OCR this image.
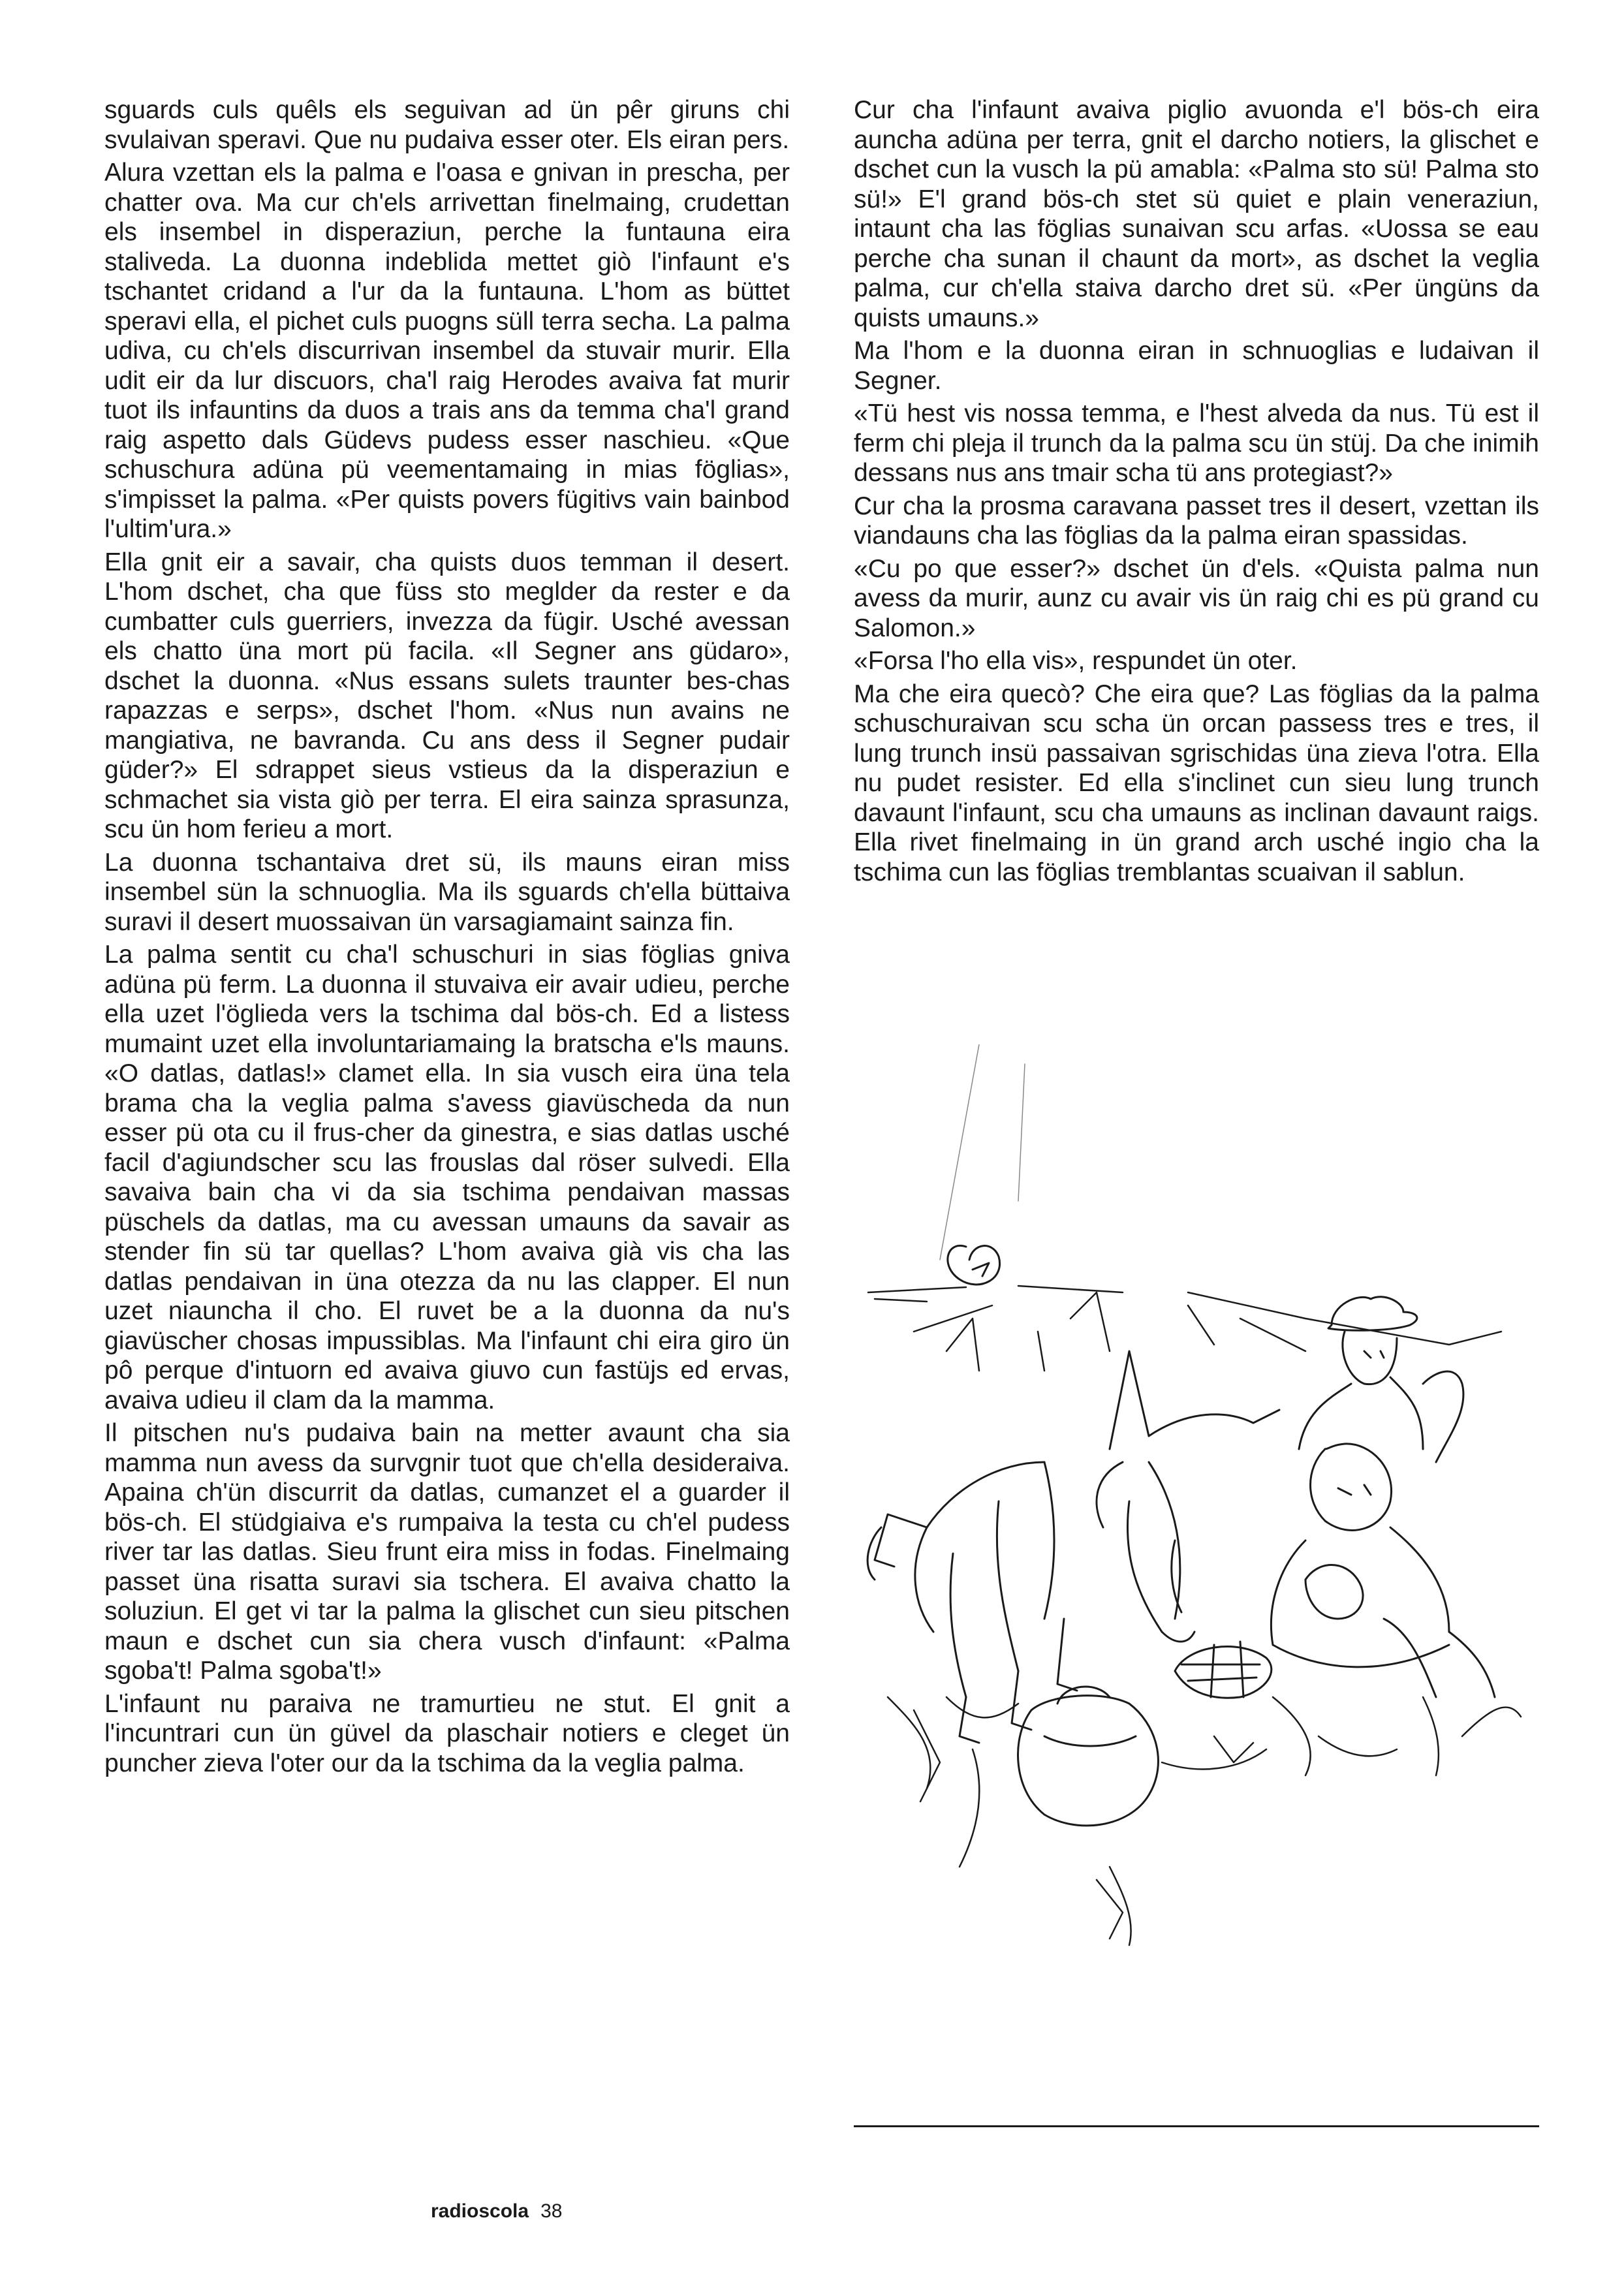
sguards culs quêls els seguivan ad ün pêr giruns chi svulaivan speravi. Que nu pudaiva esser oter. Els eiran pers.

Alura vzettan els la palma e l'oasa e gnivan in prescha, per chatter ova. Ma cur ch'els arrivettan finelmaing, crudettan els insembel in disperaziun, perche la funtauna eira staliveda. La duonna indeblida mettet giò l'infaunt e's tschantet cridand a l'ur da la funtauna. L'hom as büttet speravi ella, el pichet culs puogns süll terra secha. La palma udiva, cu ch'els discurrivan insembel da stuvair murir. Ella udit eir da lur discuors, cha'l raig Herodes avaiva fat murir tuot ils infauntins da duos a trais ans da temma cha'l grand raig aspetto dals Güdevs pudess esser naschieu. «Que schuschura adüna pü veementamaing in mias föglias», s'impisset la palma. «Per quists povers fügitivs vain bainbod l'ultim'ura.»

Ella gnit eir a savair, cha quists duos temman il desert. L'hom dschet, cha que füss sto meglder da rester e da cumbatter culs guerriers, invezza da fügir. Usché avessan els chatto üna mort pü facila. «Il Segner ans güdaro», dschet la duonna. «Nus essans sulets traunter bes-chas rapazzas e serps», dschet l'hom. «Nus nun avains ne mangiativa, ne bavranda. Cu ans dess il Segner pudair güder?» El sdrappet sieus vstieus da la disperaziun e schmachet sia vista giò per terra. El eira sainza sprasunza, scu ün hom ferieu a mort.

La duonna tschantaiva dret sü, ils mauns eiran miss insembel sün la schnuoglia. Ma ils sguards ch'ella büttaiva suravi il desert muossaivan ün varsagiamaint sainza fin.

La palma sentit cu cha'l schuschuri in sias föglias gniva adüna pü ferm. La duonna il stuvaiva eir avair udieu, perche ella uzet l'öglieda vers la tschima dal bös-ch. Ed a listess mumaint uzet ella involuntariamaing la bratscha e'ls mauns. «O datlas, datlas!» clamet ella. In sia vusch eira üna tela brama cha la veglia palma s'avess giavüscheda da nun esser pü ota cu il frus-cher da ginestra, e sias datlas usché facil d'agiundscher scu las frouslas dal röser sulvedi. Ella savaiva bain cha vi da sia tschima pendaivan massas püschels da datlas, ma cu avessan umauns da savair as stender fin sü tar quellas? L'hom avaiva già vis cha las datlas pendaivan in üna otezza da nu las clapper. El nun uzet niauncha il cho. El ruvet be a la duonna da nu's giavüscher chosas impussiblas. Ma l'infaunt chi eira giro ün pô perque d'intuorn ed avaiva giuvo cun fastüjs ed ervas, avaiva udieu il clam da la mamma.

Il pitschen nu's pudaiva bain na metter avaunt cha sia mamma nun avess da survgnir tuot que ch'ella desideraiva. Apaina ch'ün discurrit da datlas, cumanzet el a guarder il bös-ch. El stüdgiaiva e's rumpaiva la testa cu ch'el pudess river tar las datlas. Sieu frunt eira miss in fodas. Finelmaing passet üna risatta suravi sia tschera. El avaiva chatto la soluziun. El get vi tar la palma la glischet cun sieu pitschen maun e dschet cun sia chera vusch d'infaunt: «Palma sgoba't! Palma sgoba't!»

L'infaunt nu paraiva ne tramurtieu ne stut. El gnit a l'incuntrari cun ün güvel da plaschair notiers e cleget ün puncher zieva l'oter our da la tschima da la veglia palma.

Cur cha l'infaunt avaiva piglio avuonda e'l bös-ch eira auncha adüna per terra, gnit el darcho notiers, la glischet e dschet cun la vusch la pü amabla: «Palma sto sü! Palma sto sü!» E'l grand bös-ch stet sü quiet e plain veneraziun, intaunt cha las föglias sunaivan scu arfas. «Uossa se eau perche cha sunan il chaunt da mort», as dschet la veglia palma, cur ch'ella staiva darcho dret sü. «Per üngüns da quists umauns.»

Ma l'hom e la duonna eiran in schnuoglias e ludaivan il Segner.

«Tü hest vis nossa temma, e l'hest alveda da nus. Tü est il ferm chi pleja il trunch da la palma scu ün stüj. Da che inimih dessans nus ans tmair scha tü ans protegiast?»

Cur cha la prosma caravana passet tres il desert, vzettan ils viandauns cha las föglias da la palma eiran spassidas.

«Cu po que esser?» dschet ün d'els. «Quista palma nun avess da murir, aunz cu avair vis ün raig chi es pü grand cu Salomon.»

«Forsa l'ho ella vis», respundet ün oter.

Ma che eira quecò? Che eira que? Las föglias da la palma schuschuraivan scu scha ün orcan passess tres e tres, il lung trunch insü passaivan sgrischidas üna zieva l'otra. Ella nu pudet resister. Ed ella s'inclinet cun sieu lung trunch davaunt l'infaunt, scu cha umauns as inclinan davaunt raigs. Ella rivet finelmaing in ün grand arch usché ingio cha la tschima cun las föglias tremblantas scuaivan il sablun.

radioscola 38
